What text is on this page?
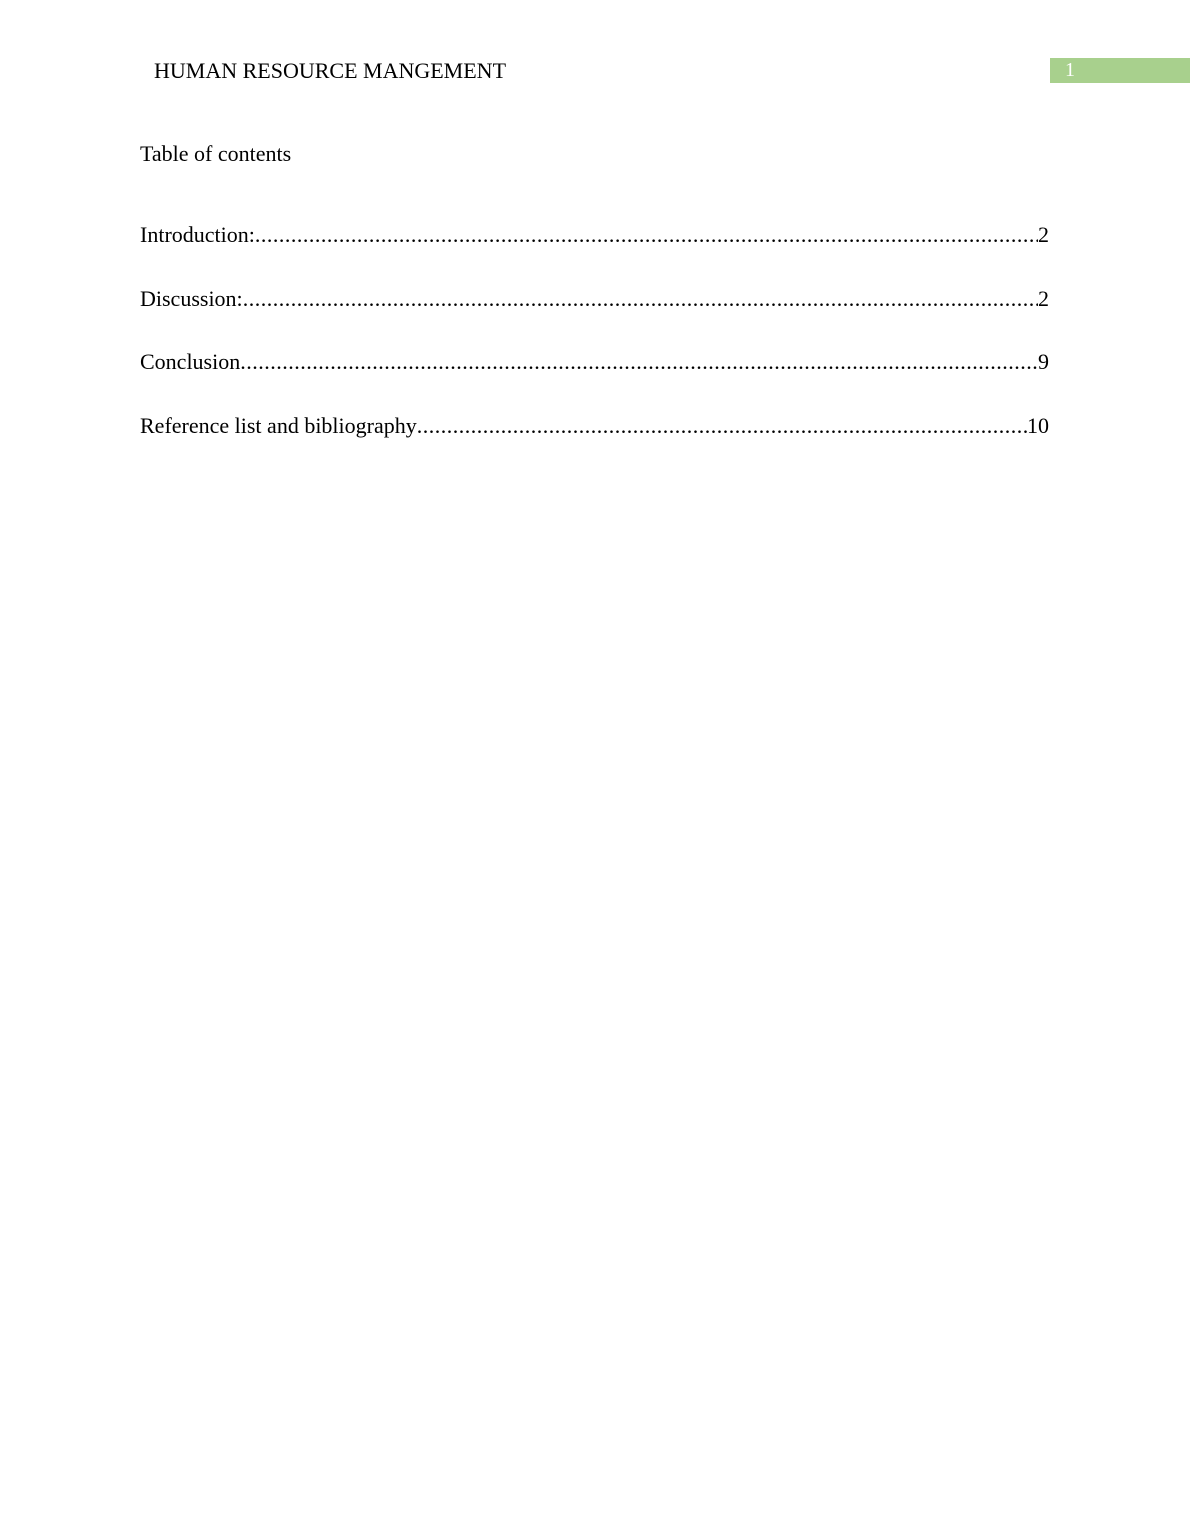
HUMAN RESOURCE MANGEMENT	1
Table of contents
Introduction: .....	2
Discussion: .....	2
Conclusion .....	9
Reference list and bibliography .....	10
